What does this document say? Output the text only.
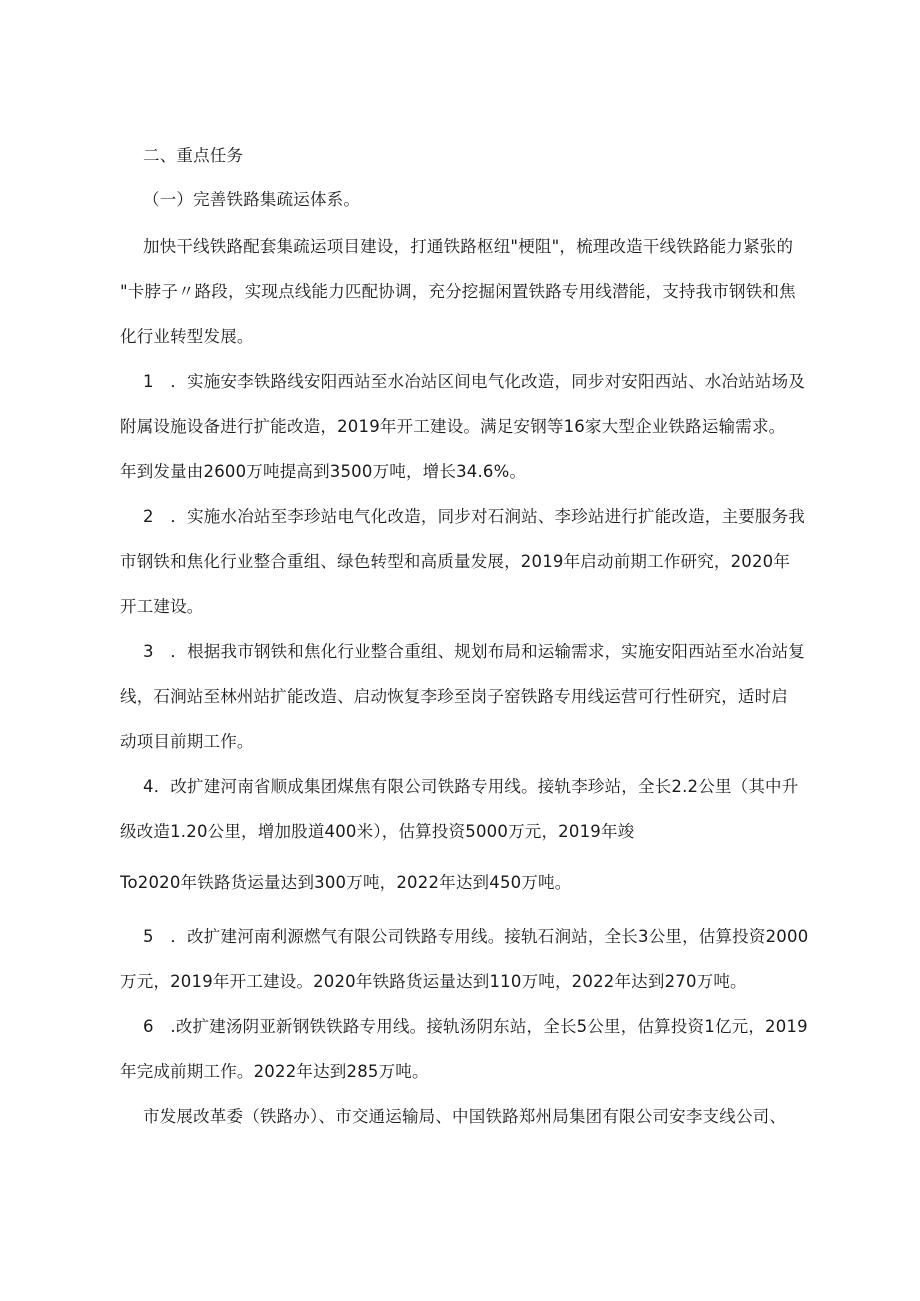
二、重点任务
（一）完善铁路集疏运体系。
加快干线铁路配套集疏运项目建设，打通铁路枢纽"梗阻"，梳理改造干线铁路能力紧张的
"卡脖子〃路段，实现点线能力匹配协调，充分挖掘闲置铁路专用线潜能，支持我市钢铁和焦
化行业转型发展。
1　．实施安李铁路线安阳西站至水冶站区间电气化改造，同步对安阳西站、水冶站站场及
附属设施设备进行扩能改造，2019年开工建设。满足安钢等16家大型企业铁路运输需求。
年到发量由2600万吨提高到3500万吨，增长34.6%。
2　．实施水冶站至李珍站电气化改造，同步对石涧站、李珍站进行扩能改造，主要服务我
市钢铁和焦化行业整合重组、绿色转型和高质量发展，2019年启动前期工作研究，2020年
开工建设。
3　．根据我市钢铁和焦化行业整合重组、规划布局和运输需求，实施安阳西站至水冶站复
线，石涧站至林州站扩能改造、启动恢复李珍至岗子窑铁路专用线运营可行性研究，适时启
动项目前期工作。
4．改扩建河南省顺成集团煤焦有限公司铁路专用线。接轨李珍站，全长2.2公里（其中升
级改造1.20公里，增加股道400米），估算投资5000万元，2019年竣
To2020年铁路货运量达到300万吨，2022年达到450万吨。
5　．改扩建河南利源燃气有限公司铁路专用线。接轨石涧站，全长3公里，估算投资2000
万元，2019年开工建设。2020年铁路货运量达到110万吨，2022年达到270万吨。
6　.改扩建汤阴亚新钢铁铁路专用线。接轨汤阴东站，全长5公里，估算投资1亿元，2019
年完成前期工作。2022年达到285万吨。
市发展改革委（铁路办）、市交通运输局、中国铁路郑州局集团有限公司安李支线公司、
